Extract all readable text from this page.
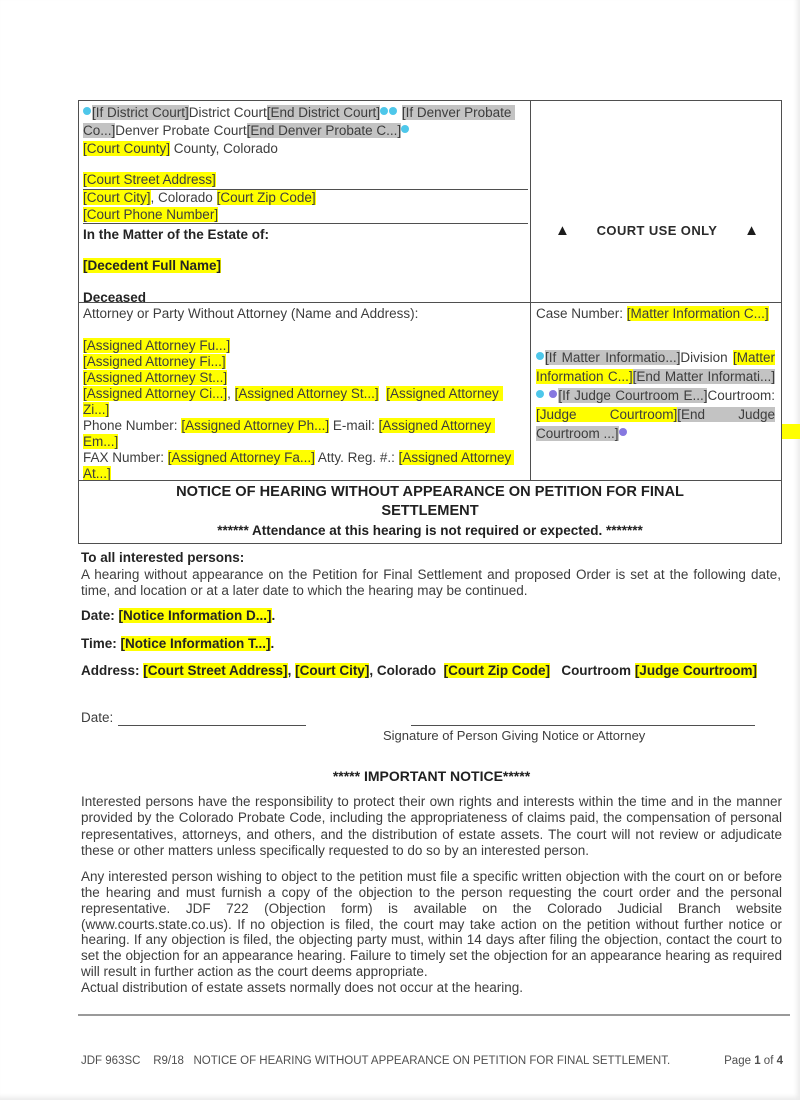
[If District Court]District Court[End District Court] [If Denver Probate Co...]Denver Probate Court[End Denver Probate C...]
[Court County] County, Colorado
[Court Street Address]
[Court City], Colorado [Court Zip Code]
[Court Phone Number]
In the Matter of the Estate of:
[Decedent Full Name]
Deceased
▲ COURT USE ONLY ▲
Attorney or Party Without Attorney (Name and Address):
[Assigned Attorney Fu...]
[Assigned Attorney Fi...]
[Assigned Attorney St...]
[Assigned Attorney Ci...], [Assigned Attorney St...] [Assigned Attorney Zi...]
Phone Number: [Assigned Attorney Ph...] E-mail: [Assigned Attorney Em...]
FAX Number: [Assigned Attorney Fa...] Atty. Reg. #.: [Assigned Attorney At...]
Case Number: [Matter Information C...]
[If Matter Informatio...]Division [Matter Information C...][End Matter Informati...] [If Judge Courtroom E...]Courtroom: [Judge Courtroom][End Judge Courtroom ...]
NOTICE OF HEARING WITHOUT APPEARANCE ON PETITION FOR FINAL SETTLEMENT
****** Attendance at this hearing is not required or expected. *******
To all interested persons:
A hearing without appearance on the Petition for Final Settlement and proposed Order is set at the following date, time, and location or at a later date to which the hearing may be continued.
Date: [Notice Information D...].
Time: [Notice Information T...].
Address: [Court Street Address], [Court City], Colorado  [Court Zip Code]   Courtroom [Judge Courtroom]
Date:
Signature of Person Giving Notice or Attorney
***** IMPORTANT NOTICE*****
Interested persons have the responsibility to protect their own rights and interests within the time and in the manner provided by the Colorado Probate Code, including the appropriateness of claims paid, the compensation of personal representatives, attorneys, and others, and the distribution of estate assets. The court will not review or adjudicate these or other matters unless specifically requested to do so by an interested person.
Any interested person wishing to object to the petition must file a specific written objection with the court on or before the hearing and must furnish a copy of the objection to the person requesting the court order and the personal representative. JDF 722 (Objection form) is available on the Colorado Judicial Branch website (www.courts.state.co.us). If no objection is filed, the court may take action on the petition without further notice or hearing. If any objection is filed, the objecting party must, within 14 days after filing the objection, contact the court to set the objection for an appearance hearing. Failure to timely set the objection for an appearance hearing as required will result in further action as the court deems appropriate.
Actual distribution of estate assets normally does not occur at the hearing.
JDF 963SC    R9/18   NOTICE OF HEARING WITHOUT APPEARANCE ON PETITION FOR FINAL SETTLEMENT.	Page 1 of 4
